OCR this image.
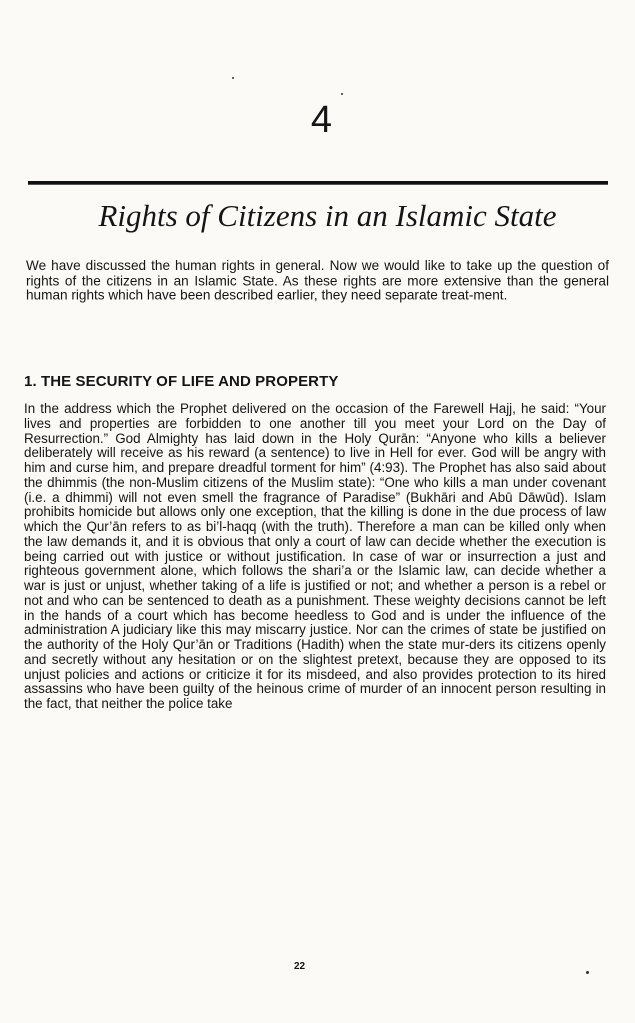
4
Rights of Citizens in an Islamic State

We have discussed the human rights in general. Now we would like to take up the question of rights of the citizens in an Islamic State. As these rights are more extensive than the general human rights which have been described earlier, they need separate treat-ment.

1. THE SECURITY OF LIFE AND PROPERTY

In the address which the Prophet delivered on the occasion of the Farewell Hajj, he said: “Your lives and properties are forbidden to one another till you meet your Lord on the Day of Resurrection.” God Almighty has laid down in the Holy Qurān: “Anyone who kills a believer deliberately will receive as his reward (a sentence) to live in Hell for ever. God will be angry with him and curse him, and prepare dreadful torment for him” (4:93). The Prophet has also said about the dhimmis (the non-Muslim citizens of the Muslim state): “One who kills a man under covenant (i.e. a dhimmi) will not even smell the fragrance of Paradise” (Bukhāri and Abū Dāwūd). Islam prohibits homicide but allows only one exception, that the killing is done in the due process of law which the Qur’ān refers to as bi’l-haqq (with the truth). Therefore a man can be killed only when the law demands it, and it is obvious that only a court of law can decide whether the execution is being carried out with justice or without justification. In case of war or insurrection a just and righteous government alone, which follows the shari’a or the Islamic law, can decide whether a war is just or unjust, whether taking of a life is justified or not; and whether a person is a rebel or not and who can be sentenced to death as a punishment. These weighty decisions cannot be left in the hands of a court which has become heedless to God and is under the influence of the administration A judiciary like this may miscarry justice. Nor can the crimes of state be justified on the authority of the Holy Qur’ān or Traditions (Hadith) when the state mur-ders its citizens openly and secretly without any hesitation or on the slightest pretext, because they are opposed to its unjust policies and actions or criticize it for its misdeed, and also provides protection to its hired assassins who have been guilty of the heinous crime of murder of an innocent person resulting in the fact, that neither the police take

22
